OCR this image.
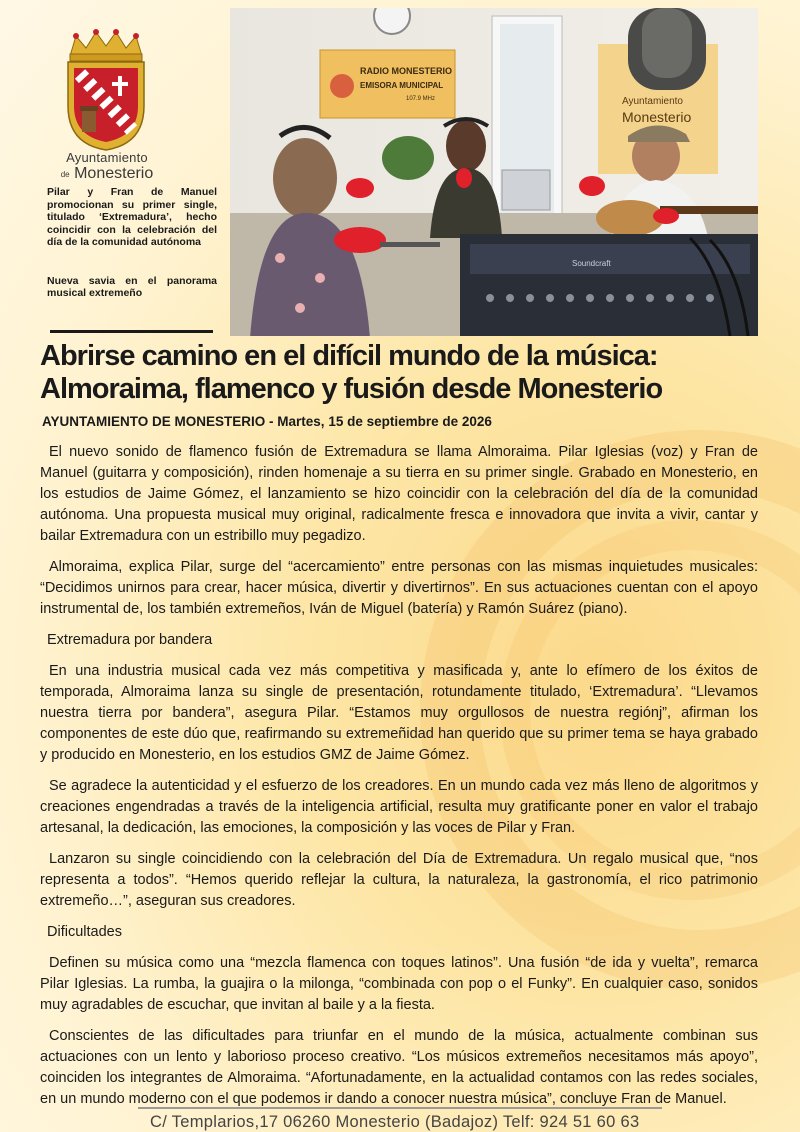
Ayuntamiento
de Monesterio

Pilar y Fran de Manuel promocionan su primer single, titulado ‘Extremadura’, hecho coincidir con la celebración del día de la comunidad autónoma

Nueva savia en el panorama musical extremeño

RADIO MONESTERIO
EMISORA MUNICIPAL
107.9 MHz	Ayuntamiento
Monesterio
Soundcraft
Abrirse camino en el difícil mundo de la música: Almoraima, flamenco y fusión desde Monesterio
AYUNTAMIENTO DE MONESTERIO - Martes, 15 de septiembre de 2026

El nuevo sonido de flamenco fusión de Extremadura se llama Almoraima. Pilar Iglesias (voz) y Fran de Manuel (guitarra y composición), rinden homenaje a su tierra en su primer single. Grabado en Monesterio, en los estudios de Jaime Gómez, el lanzamiento se hizo coincidir con la celebración del día de la comunidad autónoma. Una propuesta musical muy original, radicalmente fresca e innovadora que invita a vivir, cantar y bailar Extremadura con un estribillo muy pegadizo.

Almoraima, explica Pilar, surge del “acercamiento” entre personas con las mismas inquietudes musicales: “Decidimos unirnos para crear, hacer música, divertir y divertirnos”. En sus actuaciones cuentan con el apoyo instrumental de, los también extremeños, Iván de Miguel (batería) y Ramón Suárez (piano).

Extremadura por bandera

En una industria musical cada vez más competitiva y masificada y, ante lo efímero de los éxitos de temporada, Almoraima lanza su single de presentación, rotundamente titulado, ‘Extremadura’. “Llevamos nuestra tierra por bandera”, asegura Pilar. “Estamos muy orgullosos de nuestra regiónj”, afirman los componentes de este dúo que, reafirmando su extremeñidad han querido que su primer tema se haya grabado y producido en Monesterio, en los estudios GMZ de Jaime Gómez.

Se agradece la autenticidad y el esfuerzo de los creadores. En un mundo cada vez más lleno de algoritmos y creaciones engendradas a través de la inteligencia artificial, resulta muy gratificante poner en valor el trabajo artesanal, la dedicación, las emociones, la composición y las voces de Pilar y Fran.

Lanzaron su single coincidiendo con la celebración del Día de Extremadura. Un regalo musical que, “nos representa a todos”. “Hemos querido reflejar la cultura, la naturaleza, la gastronomía, el rico patrimonio extremeño…”, aseguran sus creadores.

Dificultades

Definen su música como una “mezcla flamenca con toques latinos”. Una fusión “de ida y vuelta”, remarca Pilar Iglesias. La rumba, la guajira o la milonga, “combinada con pop o el Funky”. En cualquier caso, sonidos muy agradables de escuchar, que invitan al baile y a la fiesta.

Conscientes de las dificultades para triunfar en el mundo de la música, actualmente combinan sus actuaciones con un lento y laborioso proceso creativo. “Los músicos extremeños necesitamos más apoyo”, coinciden los integrantes de Almoraima. “Afortunadamente, en la actualidad contamos con las redes sociales, en un mundo moderno con el que podemos ir dando a conocer nuestra música”, concluye Fran de Manuel.

C/ Templarios,17 06260 Monesterio (Badajoz) Telf: 924 51 60 63
